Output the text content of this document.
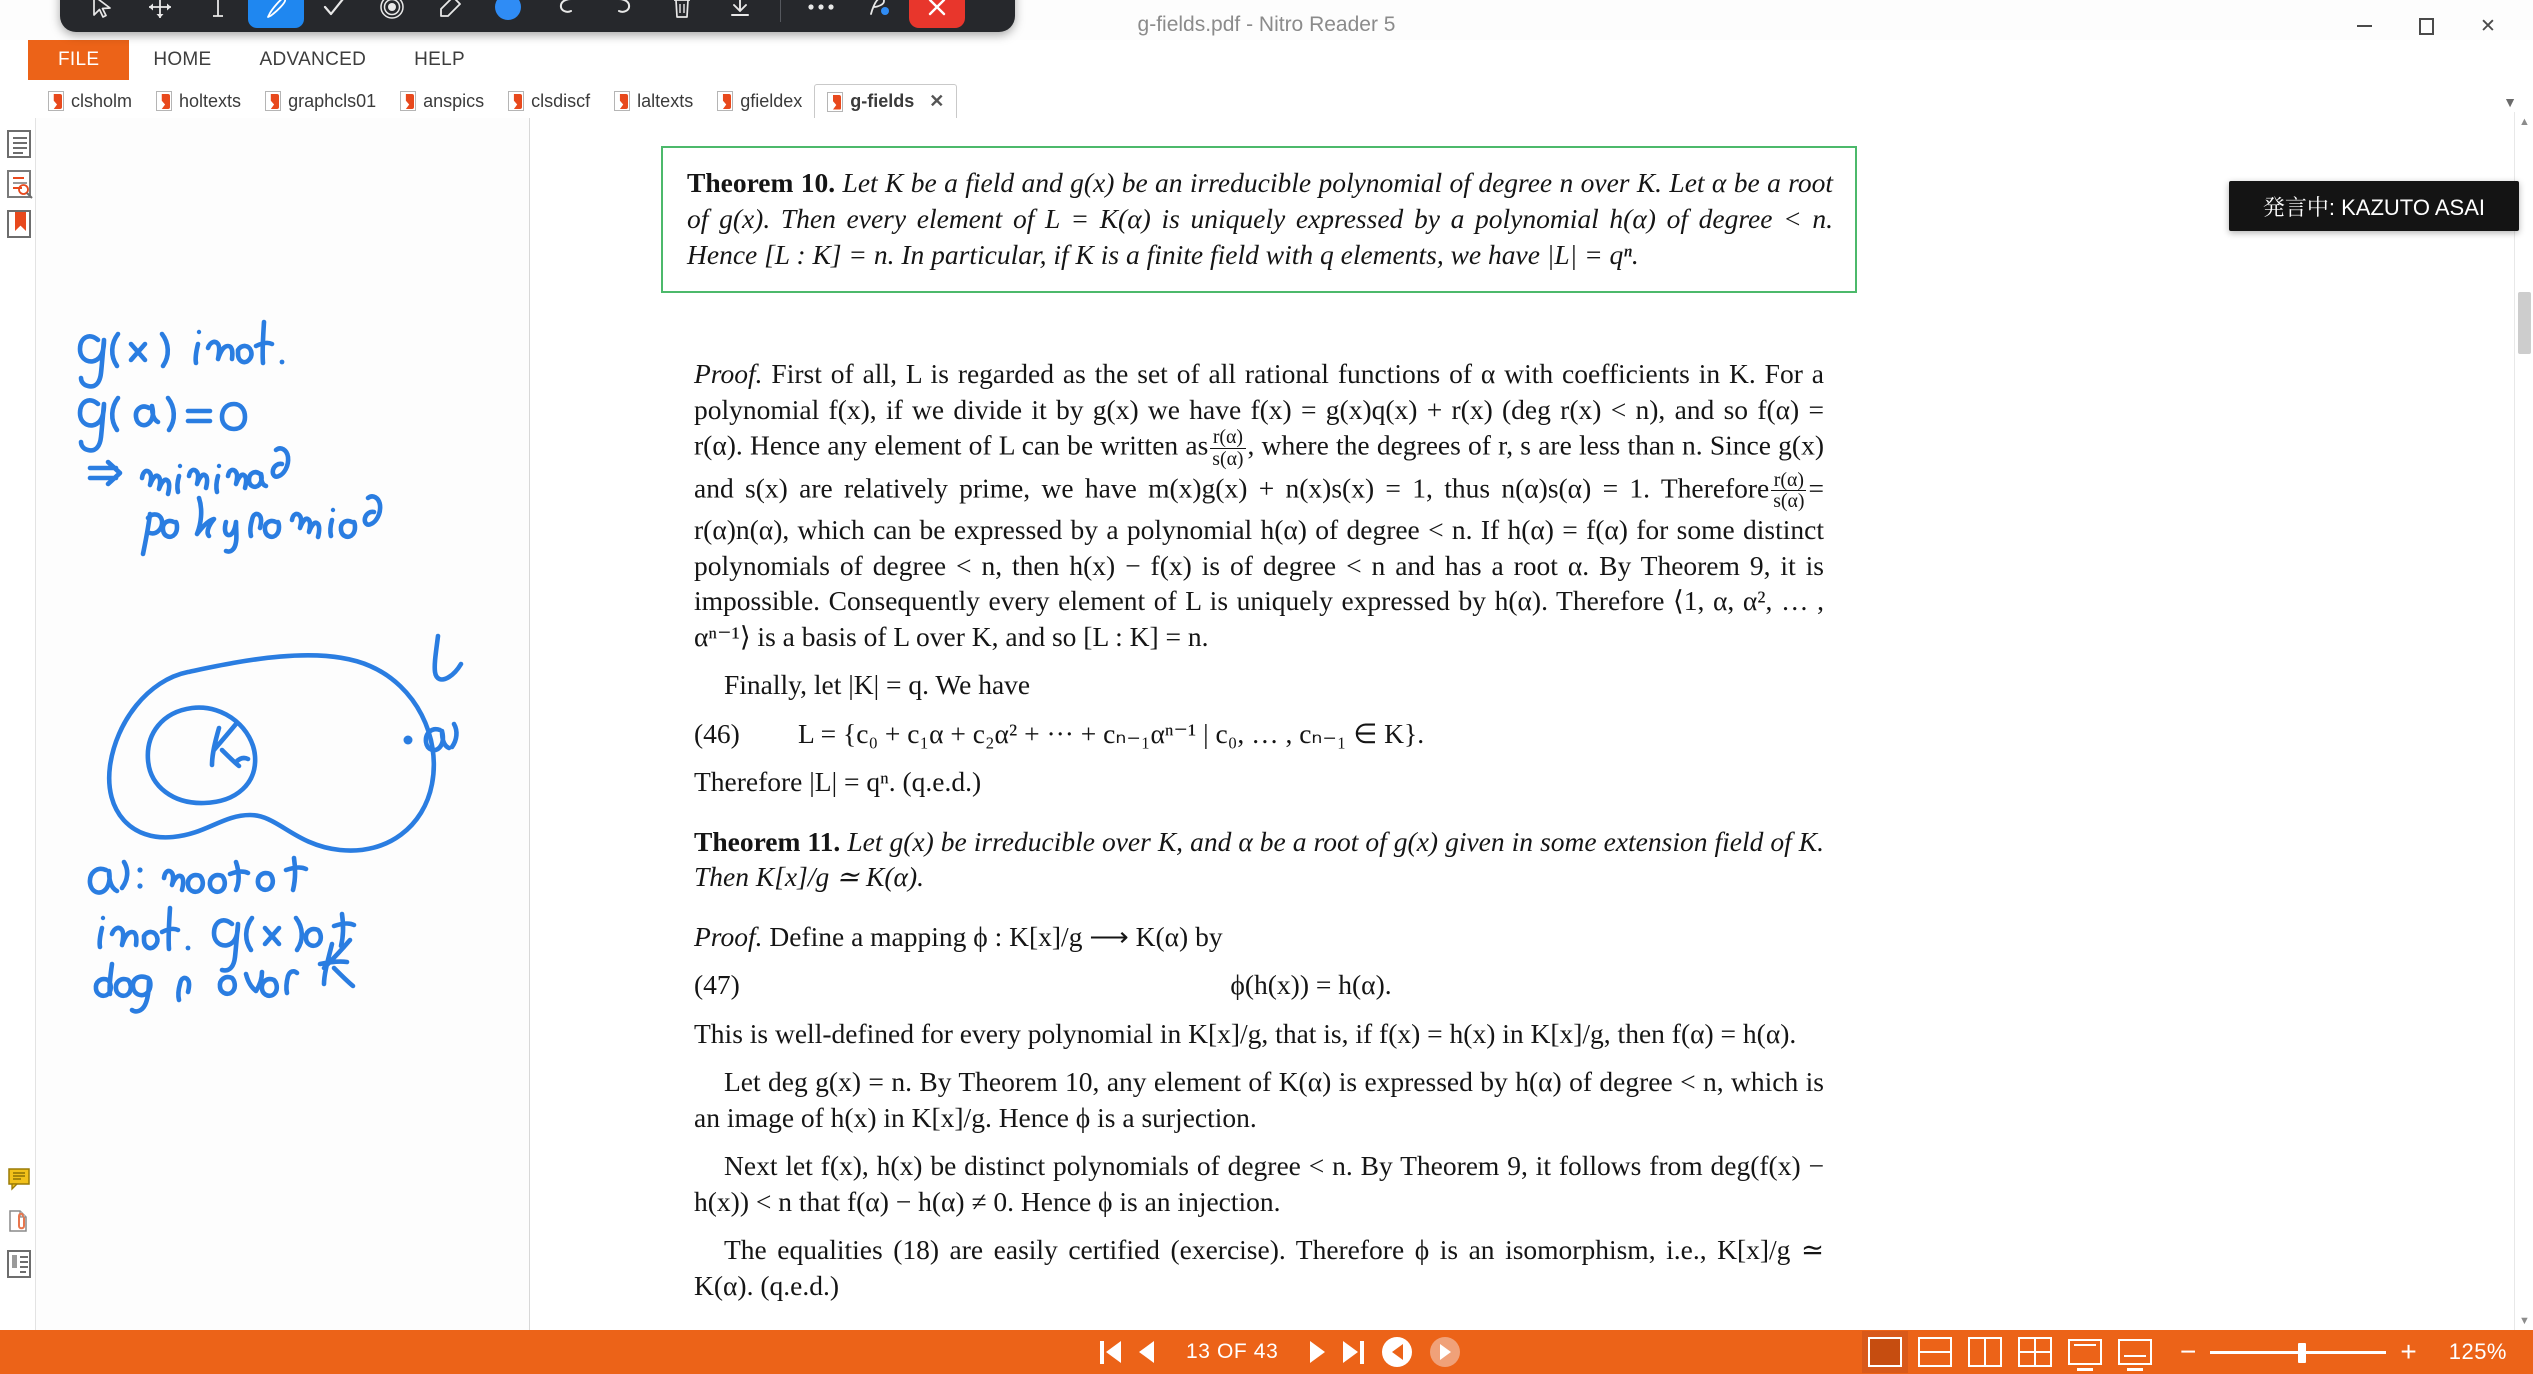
g-fields.pdf - Nitro Reader 5	✕
FILE	HOME	ADVANCED	HELP
clsholm	holtexts	graphcls01	anspics	clsdiscf	laltexts	gfieldex	g-fields ✕	▼
Theorem 10. Let K be a field and g(x) be an irreducible polynomial of degree n over K. Let α be a root of g(x). Then every element of L = K(α) is uniquely expressed by a polynomial h(α) of degree < n. Hence [L : K] = n. In particular, if K is a finite field with q elements, we have |L| = qⁿ.

Proof. First of all, L is regarded as the set of all rational functions of α with coefficients in K. For a polynomial f(x), if we divide it by g(x) we have f(x) = g(x)q(x) + r(x) (deg r(x) < n), and so f(α) = r(α). Hence any element of L can be written as $\frac{r(\alpha)}{s(\alpha)}$ , where the degrees of r, s are less than n. Since g(x) and s(x) are relatively prime, we have m(x)g(x) + n(x)s(x) = 1, thus n(α)s(α) = 1. Therefore $\frac{r(\alpha)}{s(\alpha)} = r(\alpha)n(\alpha)$, which can be expressed by a polynomial h(α) of degree < n. If h(α) = f(α) for some distinct polynomials of degree < n, then h(x) − f(x) is of degree < n and has a root α. By Theorem 9, it is impossible. Consequently every element of L is uniquely expressed by h(α). Therefore ⟨1, α, α², … , αⁿ⁻¹⟩ is a basis of L over K, and so [L : K] = n.

Finally, let |K| = q. We have

(46)	L = {c₀ + c₁α + c₂α² + ··· + cₙ₋₁αⁿ⁻¹ | c₀, … , cₙ₋₁ ∈ K}.

Therefore |L| = qⁿ. (q.e.d.)

Theorem 11. Let g(x) be irreducible over K, and α be a root of g(x) given in some extension field of K. Then K[x]/g ≃ K(α).

Proof. Define a mapping ϕ : K[x]/g ⟶ K(α) by

(47)	ϕ(h(x)) = h(α).

This is well-defined for every polynomial in K[x]/g, that is, if f(x) = h(x) in K[x]/g, then f(α) = h(α).

Let deg g(x) = n. By Theorem 10, any element of K(α) is expressed by h(α) of degree < n, which is an image of h(x) in K[x]/g. Hence ϕ is a surjection.

Next let f(x), h(x) be distinct polynomials of degree < n. By Theorem 9, it follows from deg(f(x) − h(x)) < n that f(α) − h(α) ≠ 0. Hence ϕ is an injection.

The equalities (18) are easily certified (exercise). Therefore ϕ is an isomorphism, i.e., K[x]/g ≃ K(α). (q.e.d.)

発言中: KAZUTO ASAI
▲
▼
13 OF 43	−	+ 125%
